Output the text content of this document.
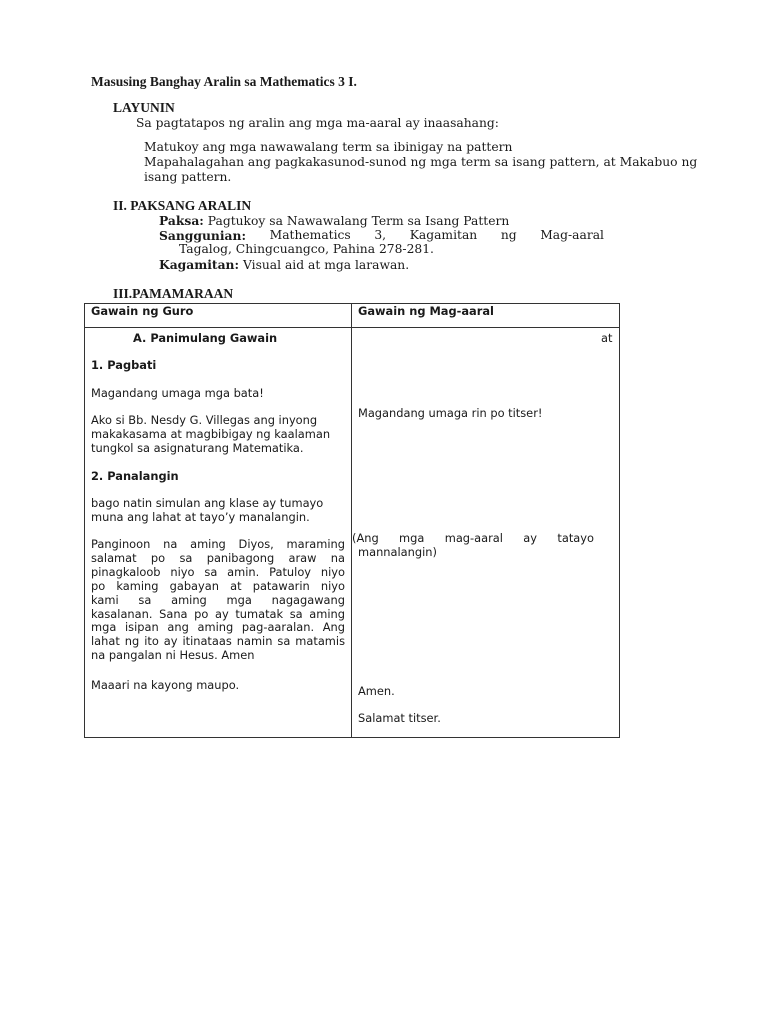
Masusing Banghay Aralin sa Mathematics 3 I.
LAYUNIN
Sa pagtatapos ng aralin ang mga ma-aaral ay inaasahang:
Matukoy ang mga nawawalang term sa ibinigay na pattern
Mapahalagahan ang pagkakasunod-sunod ng mga term sa isang pattern, at Makabuo ng
isang pattern.
II. PAKSANG ARALIN
Paksa: Pagtukoy sa Nawawalang Term sa Isang Pattern
Sanggunian: Mathematics 3, Kagamitan ng Mag-aaral
Tagalog, Chingcuangco, Pahina 278-281.
Kagamitan: Visual aid at mga larawan.
III.PAMAMARAAN
Gawain ng Guro	Gawain ng Mag-aaral
A. Panimulang Gawain
1. Pagbati
Magandang umaga mga bata!
Ako si Bb. Nesdy G. Villegas ang inyong
makakasama at magbibigay ng kaalaman
tungkol sa asignaturang Matematika.
2. Panalangin
bago natin simulan ang klase ay tumayo
muna ang lahat at tayo’y manalangin.
Panginoon na aming Diyos, maraming
salamat po sa panibagong araw na
pinagkaloob niyo sa amin. Patuloy niyo
po kaming gabayan at patawarin niyo
kami sa aming mga nagagawang
kasalanan. Sana po ay tumatak sa aming
mga isipan ang aming pag-aaralan. Ang
lahat ng ito ay itinataas namin sa matamis
na pangalan ni Hesus. Amen
Maaari na kayong maupo.
at
Magandang umaga rin po titser!
(Ang mga mag-aaral ay tatayo
mannalangin)
Amen.
Salamat titser.
